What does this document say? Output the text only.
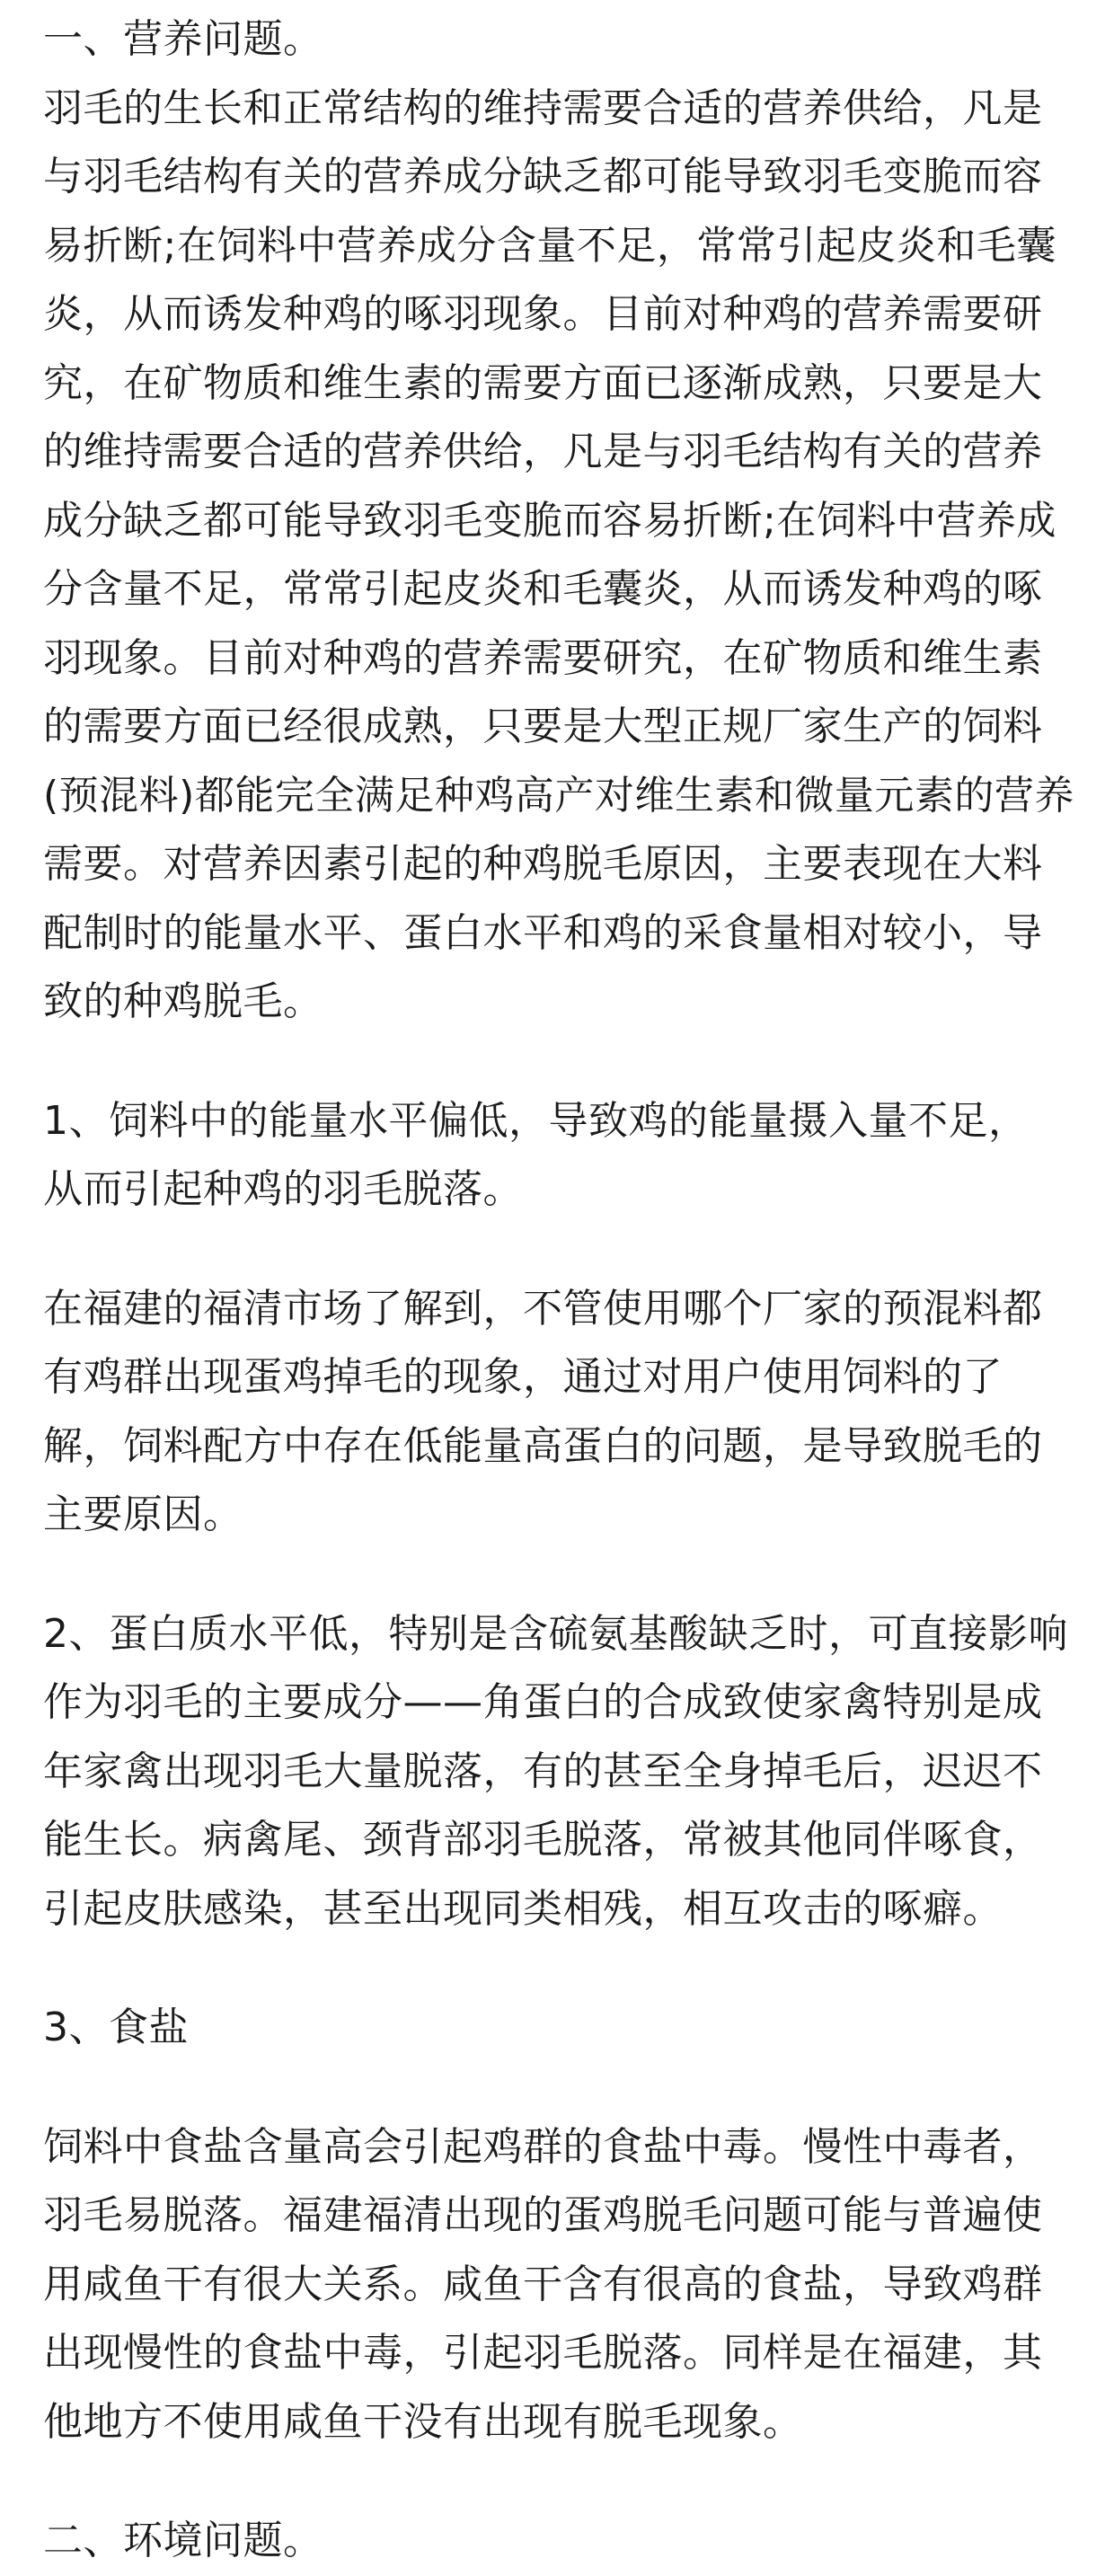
一、营养问题。

羽毛的生长和正常结构的维持需要合适的营养供给，凡是与羽毛结构有关的营养成分缺乏都可能导致羽毛变脆而容易折断;在饲料中营养成分含量不足，常常引起皮炎和毛囊炎，从而诱发种鸡的啄羽现象。目前对种鸡的营养需要研究，在矿物质和维生素的需要方面已逐渐成熟，只要是大的维持需要合适的营养供给，凡是与羽毛结构有关的营养成分缺乏都可能导致羽毛变脆而容易折断;在饲料中营养成分含量不足，常常引起皮炎和毛囊炎，从而诱发种鸡的啄羽现象。目前对种鸡的营养需要研究，在矿物质和维生素的需要方面已经很成熟，只要是大型正规厂家生产的饲料(预混料)都能完全满足种鸡高产对维生素和微量元素的营养需要。对营养因素引起的种鸡脱毛原因，主要表现在大料配制时的能量水平、蛋白水平和鸡的采食量相对较小，导致的种鸡脱毛。

1、饲料中的能量水平偏低，导致鸡的能量摄入量不足，从而引起种鸡的羽毛脱落。

在福建的福清市场了解到，不管使用哪个厂家的预混料都有鸡群出现蛋鸡掉毛的现象，通过对用户使用饲料的了解，饲料配方中存在低能量高蛋白的问题，是导致脱毛的主要原因。

2、蛋白质水平低，特别是含硫氨基酸缺乏时，可直接影响作为羽毛的主要成分——角蛋白的合成致使家禽特别是成年家禽出现羽毛大量脱落，有的甚至全身掉毛后，迟迟不能生长。病禽尾、颈背部羽毛脱落，常被其他同伴啄食，引起皮肤感染，甚至出现同类相残，相互攻击的啄癖。

3、食盐

饲料中食盐含量高会引起鸡群的食盐中毒。慢性中毒者，羽毛易脱落。福建福清出现的蛋鸡脱毛问题可能与普遍使用咸鱼干有很大关系。咸鱼干含有很高的食盐，导致鸡群出现慢性的食盐中毒，引起羽毛脱落。同样是在福建，其他地方不使用咸鱼干没有出现有脱毛现象。

二、环境问题。
